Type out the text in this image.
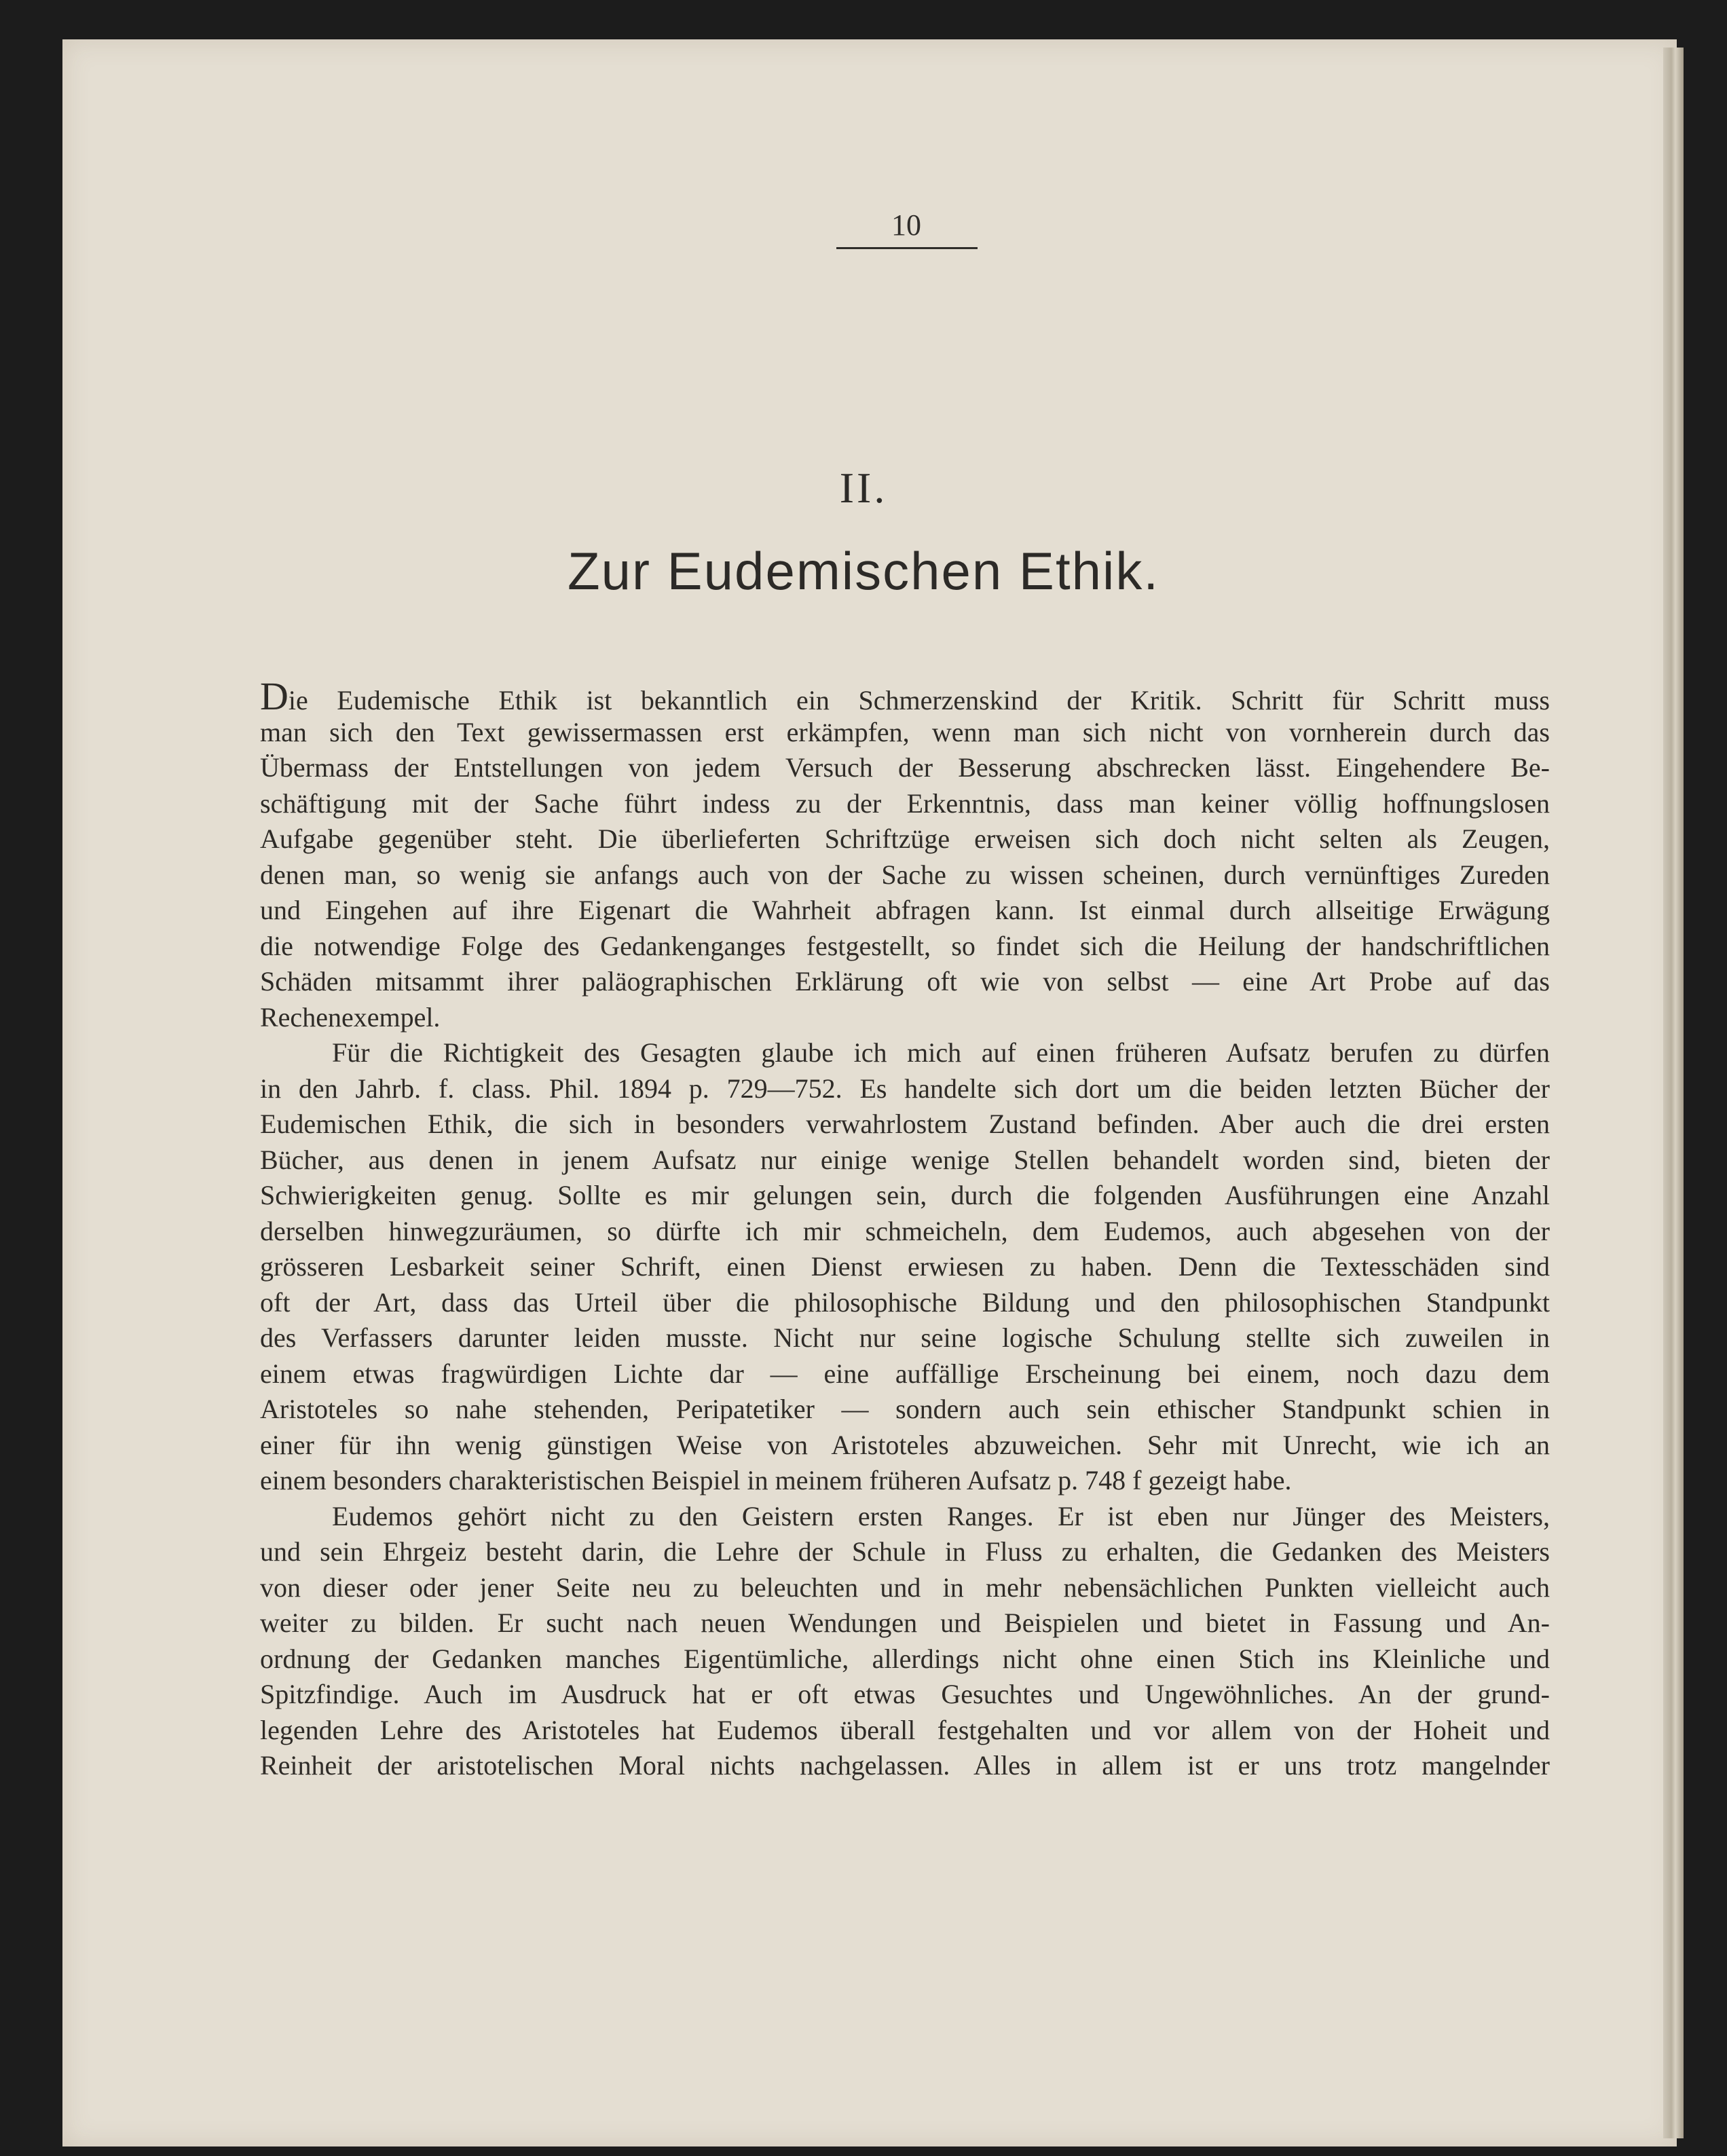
10
II.
Zur Eudemischen Ethik.
Die Eudemische Ethik ist bekanntlich ein Schmerzenskind der Kritik. Schritt für Schritt muss
man sich den Text gewissermassen erst erkämpfen, wenn man sich nicht von vornherein durch das
Übermass der Entstellungen von jedem Versuch der Besserung abschrecken lässt. Eingehendere Be-
schäftigung mit der Sache führt indess zu der Erkenntnis, dass man keiner völlig hoffnungslosen
Aufgabe gegenüber steht. Die überlieferten Schriftzüge erweisen sich doch nicht selten als Zeugen,
denen man, so wenig sie anfangs auch von der Sache zu wissen scheinen, durch vernünftiges Zureden
und Eingehen auf ihre Eigenart die Wahrheit abfragen kann. Ist einmal durch allseitige Erwägung
die notwendige Folge des Gedankenganges festgestellt, so findet sich die Heilung der handschriftlichen
Schäden mitsammt ihrer paläographischen Erklärung oft wie von selbst — eine Art Probe auf das
Rechenexempel.
Für die Richtigkeit des Gesagten glaube ich mich auf einen früheren Aufsatz berufen zu dürfen
in den Jahrb. f. class. Phil. 1894 p. 729—752. Es handelte sich dort um die beiden letzten Bücher der
Eudemischen Ethik, die sich in besonders verwahrlostem Zustand befinden. Aber auch die drei ersten
Bücher, aus denen in jenem Aufsatz nur einige wenige Stellen behandelt worden sind, bieten der
Schwierigkeiten genug. Sollte es mir gelungen sein, durch die folgenden Ausführungen eine Anzahl
derselben hinwegzuräumen, so dürfte ich mir schmeicheln, dem Eudemos, auch abgesehen von der
grösseren Lesbarkeit seiner Schrift, einen Dienst erwiesen zu haben. Denn die Textesschäden sind
oft der Art, dass das Urteil über die philosophische Bildung und den philosophischen Standpunkt
des Verfassers darunter leiden musste. Nicht nur seine logische Schulung stellte sich zuweilen in
einem etwas fragwürdigen Lichte dar — eine auffällige Erscheinung bei einem, noch dazu dem
Aristoteles so nahe stehenden, Peripatetiker — sondern auch sein ethischer Standpunkt schien in
einer für ihn wenig günstigen Weise von Aristoteles abzuweichen. Sehr mit Unrecht, wie ich an
einem besonders charakteristischen Beispiel in meinem früheren Aufsatz p. 748 f gezeigt habe.
Eudemos gehört nicht zu den Geistern ersten Ranges. Er ist eben nur Jünger des Meisters,
und sein Ehrgeiz besteht darin, die Lehre der Schule in Fluss zu erhalten, die Gedanken des Meisters
von dieser oder jener Seite neu zu beleuchten und in mehr nebensächlichen Punkten vielleicht auch
weiter zu bilden. Er sucht nach neuen Wendungen und Beispielen und bietet in Fassung und An-
ordnung der Gedanken manches Eigentümliche, allerdings nicht ohne einen Stich ins Kleinliche und
Spitzfindige. Auch im Ausdruck hat er oft etwas Gesuchtes und Ungewöhnliches. An der grund-
legenden Lehre des Aristoteles hat Eudemos überall festgehalten und vor allem von der Hoheit und
Reinheit der aristotelischen Moral nichts nachgelassen. Alles in allem ist er uns trotz mangelnder
